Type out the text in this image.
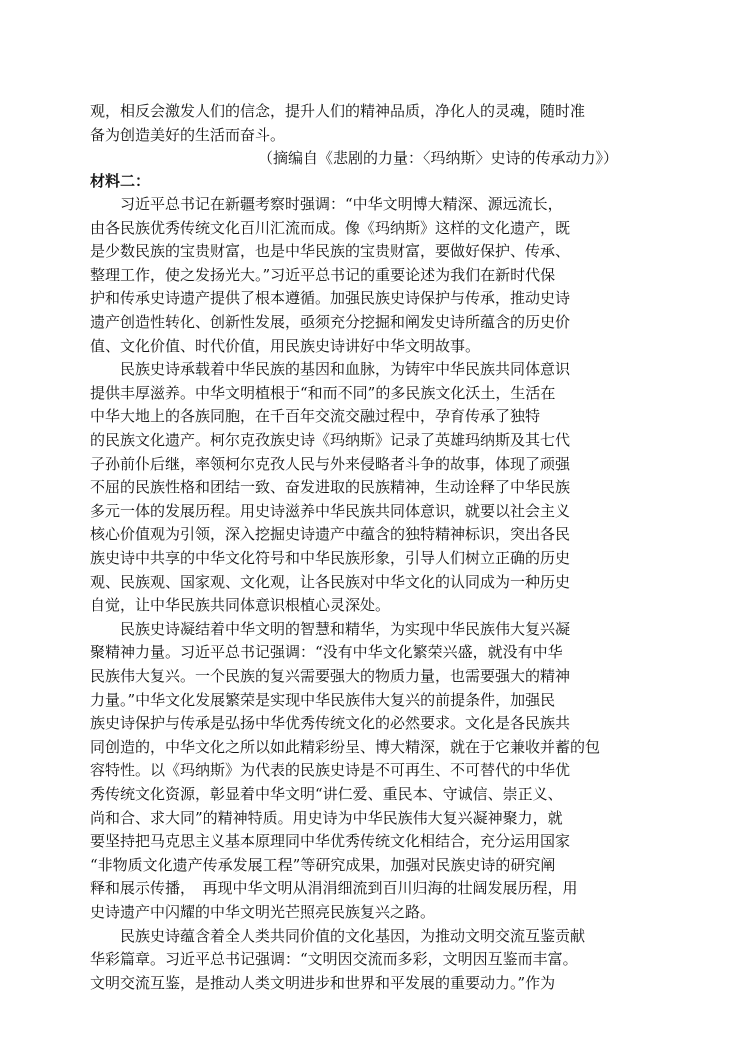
观，相反会激发人们的信念，提升人们的精神品质，净化人的灵魂，随时准
备为创造美好的生活而奋斗。
（摘编自《悲剧的力量：〈玛纳斯〉史诗的传承动力》）
材料二：
　　习近平总书记在新疆考察时强调：“中华文明博大精深、源远流长，
由各民族优秀传统文化百川汇流而成。像《玛纳斯》这样的文化遗产，既
是少数民族的宝贵财富，也是中华民族的宝贵财富，要做好保护、传承、
整理工作，使之发扬光大。”习近平总书记的重要论述为我们在新时代保
护和传承史诗遗产提供了根本遵循。加强民族史诗保护与传承，推动史诗
遗产创造性转化、创新性发展，亟须充分挖掘和阐发史诗所蕴含的历史价
值、文化价值、时代价值，用民族史诗讲好中华文明故事。
　　民族史诗承载着中华民族的基因和血脉，为铸牢中华民族共同体意识
提供丰厚滋养。中华文明植根于“和而不同”的多民族文化沃土，生活在
中华大地上的各族同胞，在千百年交流交融过程中，孕育传承了独特
的民族文化遗产。柯尔克孜族史诗《玛纳斯》记录了英雄玛纳斯及其七代
子孙前仆后继，率领柯尔克孜人民与外来侵略者斗争的故事，体现了顽强
不屈的民族性格和团结一致、奋发进取的民族精神，生动诠释了中华民族
多元一体的发展历程。用史诗滋养中华民族共同体意识，就要以社会主义
核心价值观为引领，深入挖掘史诗遗产中蕴含的独特精神标识，突出各民
族史诗中共享的中华文化符号和中华民族形象，引导人们树立正确的历史
观、民族观、国家观、文化观，让各民族对中华文化的认同成为一种历史
自觉，让中华民族共同体意识根植心灵深处。
　　民族史诗凝结着中华文明的智慧和精华，为实现中华民族伟大复兴凝
聚精神力量。习近平总书记强调：“没有中华文化繁荣兴盛，就没有中华
民族伟大复兴。一个民族的复兴需要强大的物质力量，也需要强大的精神
力量。”中华文化发展繁荣是实现中华民族伟大复兴的前提条件，加强民
族史诗保护与传承是弘扬中华优秀传统文化的必然要求。文化是各民族共
同创造的，中华文化之所以如此精彩纷呈、博大精深，就在于它兼收并蓄的包
容特性。以《玛纳斯》为代表的民族史诗是不可再生、不可替代的中华优
秀传统文化资源，彰显着中华文明“讲仁爱、重民本、守诚信、崇正义、
尚和合、求大同”的精神特质。用史诗为中华民族伟大复兴凝神聚力，就
要坚持把马克思主义基本原理同中华优秀传统文化相结合，充分运用国家
“非物质文化遗产传承发展工程”等研究成果，加强对民族史诗的研究阐
释和展示传播，　再现中华文明从涓涓细流到百川归海的壮阔发展历程，用
史诗遗产中闪耀的中华文明光芒照亮民族复兴之路。
　　民族史诗蕴含着全人类共同价值的文化基因，为推动文明交流互鉴贡献
华彩篇章。习近平总书记强调：“文明因交流而多彩，文明因互鉴而丰富。
文明交流互鉴，是推动人类文明进步和世界和平发展的重要动力。”作为
